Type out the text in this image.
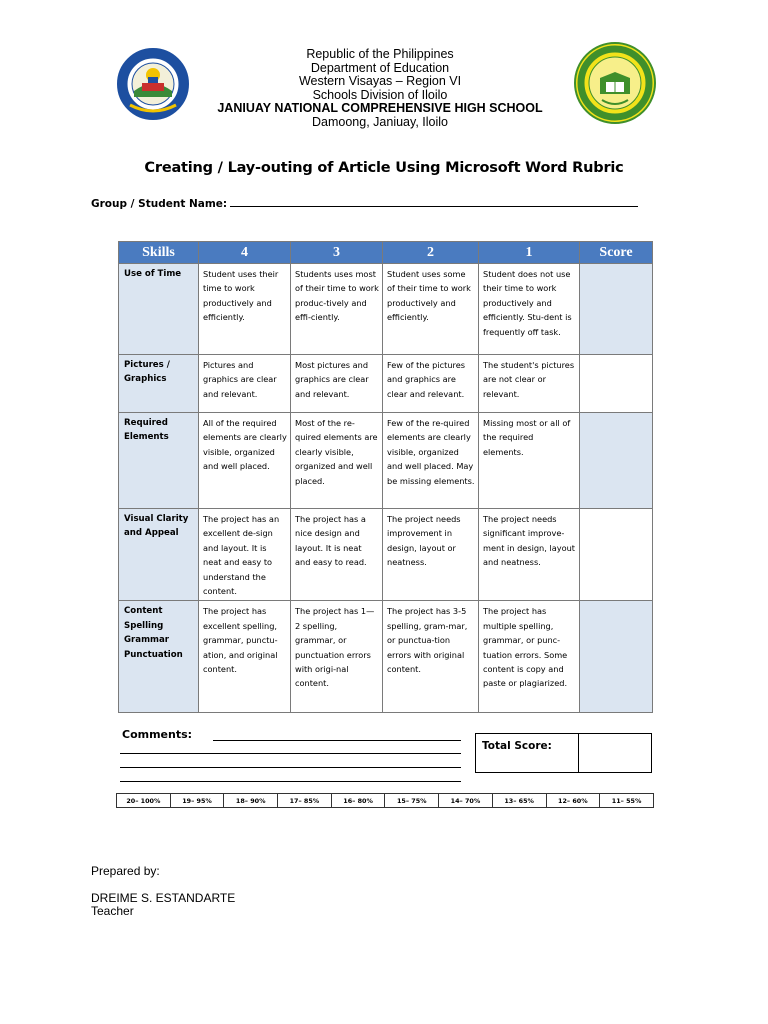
Republic of the Philippines
Department of Education
Western Visayas – Region VI
Schools Division of Iloilo
JANIUAY NATIONAL COMPREHENSIVE HIGH SCHOOL
Damoong, Janiuay, Iloilo
Creating / Lay-outing of Article Using Microsoft Word Rubric
Group / Student Name:
Skills	4	3	2	1	Score
Use of Time	Student uses their time to work productively and efficiently.	Students uses most of their time to work produc-tively and effi-ciently.	Student uses some of their time to work productively and efficiently.	Student does not use their time to work productively and efficiently. Stu-dent is frequently off task.	
Pictures / Graphics	Pictures and graphics are clear and relevant.	Most pictures and graphics are clear and relevant.	Few of the pictures and graphics are clear and relevant.	The student's pictures are not clear or relevant.	
Required Elements	All of the required elements are clearly visible, organized and well placed.	Most of the re-quired elements are clearly visible, organized and well placed.	Few of the re-quired elements are clearly visible, organized and well placed. May be missing elements.	Missing most or all of the required elements.	
Visual Clarity and Appeal	The project has an excellent de-sign and layout. It is neat and easy to understand the content.	The project has a nice design and layout. It is neat and easy to read.	The project needs improvement in design, layout or neatness.	The project needs significant improve-ment in design, layout and neatness.	
Content Spelling Grammar Punctuation	The project has excellent spelling, grammar, punctu-ation, and original content.	The project has 1—2 spelling, grammar, or punctuation errors with origi-nal content.	The project has 3-5 spelling, gram-mar, or punctua-tion errors with original content.	The project has multiple spelling, grammar, or punc-tuation errors. Some content is copy and paste or plagiarized.	
Comments:
Total Score:
20– 100%	19– 95%	18– 90%	17– 85%	16– 80%	15– 75%	14– 70%	13– 65%	12– 60%	11– 55%
Prepared by:
DREIME S. ESTANDARTE
Teacher
